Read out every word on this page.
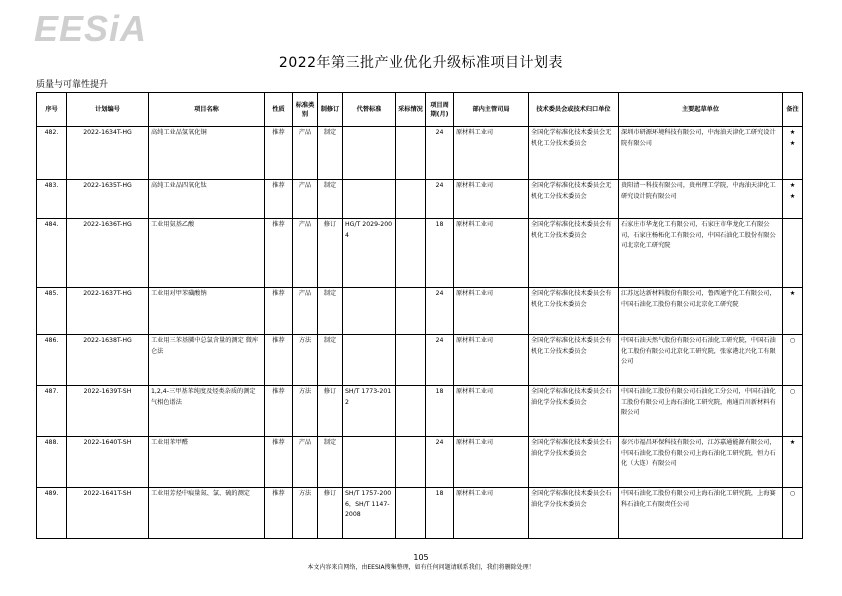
EESiA
2022年第三批产业优化升级标准项目计划表
质量与可靠性提升
序号	计划编号	项目名称	性质	标准类别	制修订	代替标准	采标情况	项目周期(月)	部内主管司局	技术委员会或技术归口单位	主要起草单位	备注
482.	2022-1634T-HG	高纯工业品氢氧化铜	推荐	产品	制定			24	原材料工业司	全国化学标准化技术委员会无机化工分技术委员会	深圳市研源环境科技有限公司，中海油天津化工研究设计院有限公司	★
★
483.	2022-1635T-HG	高纯工业品四氧化钛	推荐	产品	制定			24	原材料工业司	全国化学标准化技术委员会无机化工分技术委员会	贵阳清一科技有限公司，贵州理工学院，中海油天津化工研究设计院有限公司	★
★
484.	2022-1636T-HG	工业用氨基乙酸	推荐	产品	修订	HG/T 2029-2004		18	原材料工业司	全国化学标准化技术委员会有机化工分技术委员会	石家庄市华龙化工有限公司，石家庄市华龙化工有限公司，石家庄杨柘化工有限公司，中国石油化工股份有限公司北京化工研究院	
485.	2022-1637T-HG	工业用对甲苯磺酸钠	推荐	产品	制定			24	原材料工业司	全国化学标准化技术委员会有机化工分技术委员会	江苏远达新材料股份有限公司，鲁西通宇化工有限公司，中国石油化工股份有限公司北京化工研究院	★
486.	2022-1638T-HG	工业用三苯基膦中总氯含量的测定 微库仑法	推荐	方法	制定			24	原材料工业司	全国化学标准化技术委员会有机化工分技术委员会	中国石油天然气股份有限公司石油化工研究院，中国石油化工股份有限公司北京化工研究院，张家港北兴化工有限公司	○
487.	2022-1639T-SH	1,2,4-三甲基苯纯度及烃类杂质的测定 气相色谱法	推荐	方法	修订	SH/T 1773-2012		18	原材料工业司	全国化学标准化技术委员会石油化学分技术委员会	中国石油化工股份有限公司石油化工分公司，中国石油化工股份有限公司上海石油化工研究院，南通百川新材料有限公司	○
488.	2022-1640T-SH	工业用苯甲醛	推荐	产品	制定			24	原材料工业司	全国化学标准化技术委员会石油化学分技术委员会	泰兴市福昌环保科技有限公司，江苏嘉通能源有限公司，中国石油化工股份有限公司上海石油化工研究院，恒力石化（大连）有限公司	★
489.	2022-1641T-SH	工业用芳烃中痕量氮、氯、硫的测定	推荐	方法	修订	SH/T 1757-2006，SH/T 1147-2008		18	原材料工业司	全国化学标准化技术委员会石油化学分技术委员会	中国石油化工股份有限公司上海石油化工研究院，上海赛科石油化工有限责任公司	○
105
本文内容来自网络，由EESIA搜集整理，如有任何问题请联系我们，我们将删除处理！
